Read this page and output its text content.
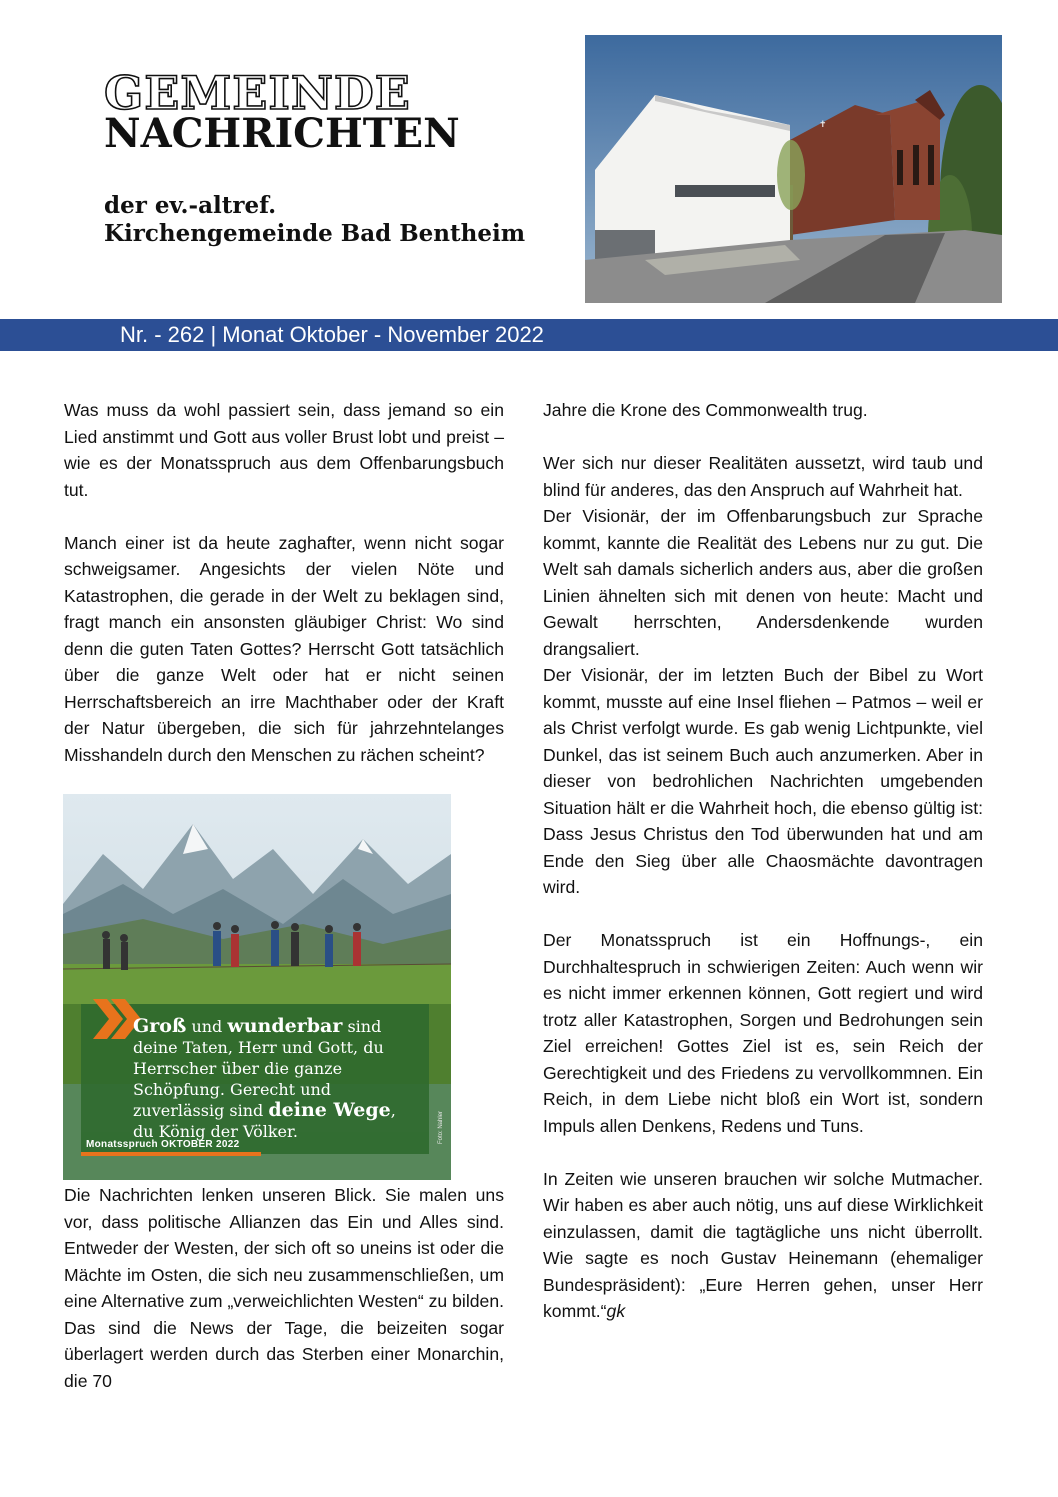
GEMEINDE
NACHRICHTEN
der ev.-altref.
Kirchengemeinde Bad Bentheim
✝
Nr. - 262 | Monat Oktober - November 2022

Was muss da wohl passiert sein, dass jemand so ein Lied anstimmt und Gott aus voller Brust lobt und preist – wie es der Monatsspruch aus dem Offenbarungsbuch tut.

Manch einer ist da heute zaghafter, wenn nicht sogar schweigsamer. Angesichts der vielen Nöte und Katastrophen, die gerade in der Welt zu beklagen sind, fragt manch ein ansonsten gläubiger Christ: Wo sind denn die guten Taten Gottes? Herrscht Gott tatsächlich über die ganze Welt oder hat er nicht seinen Herrschaftsbereich an irre Machthaber oder der Kraft der Natur übergeben, die sich für jahrzehntelanges Misshandeln durch den Menschen zu rächen scheint?

Groß und wunderbar sind deine Taten, Herr und Gott, du Herrscher über die ganze Schöpfung. Gerecht und zuverlässig sind deine Wege, du König der Völker.	OFFENBARUNG 15,3
Monatsspruch OKTOBER 2022
Foto: Nahler

Die Nachrichten lenken unseren Blick. Sie malen uns vor, dass politische Allianzen das Ein und Alles sind. Entweder der Westen, der sich oft so uneins ist oder die Mächte im Osten, die sich neu zusammenschließen, um eine Alternative zum „verweichlichten Westen“ zu bilden. Das sind die News der Tage, die beizeiten sogar überlagert werden durch das Sterben einer Monarchin, die 70

Jahre die Krone des Commonwealth trug.

Wer sich nur dieser Realitäten aussetzt, wird taub und blind für anderes, das den Anspruch auf Wahrheit hat.

Der Visionär, der im Offenbarungsbuch zur Sprache kommt, kannte die Realität des Lebens nur zu gut. Die Welt sah damals sicherlich anders aus, aber die großen Linien ähnelten sich mit denen von heute: Macht und Gewalt herrschten, Andersdenkende wurden drangsaliert.

Der Visionär, der im letzten Buch der Bibel zu Wort kommt, musste auf eine Insel fliehen – Patmos – weil er als Christ verfolgt wurde. Es gab wenig Lichtpunkte, viel Dunkel, das ist seinem Buch auch anzumerken. Aber in dieser von bedrohlichen Nachrichten umgebenden Situation hält er die Wahrheit hoch, die ebenso gültig ist: Dass Jesus Christus den Tod überwunden hat und am Ende den Sieg über alle Chaosmächte davontragen wird.

Der Monatsspruch ist ein Hoffnungs-, ein Durchhaltespruch in schwierigen Zeiten: Auch wenn wir es nicht immer erkennen können, Gott regiert und wird trotz aller Katastrophen, Sorgen und Bedrohungen sein Ziel erreichen! Gottes Ziel ist es, sein Reich der Gerechtigkeit und des Friedens zu vervollkommnen. Ein Reich, in dem Liebe nicht bloß ein Wort ist, sondern Impuls allen Denkens, Redens und Tuns.

In Zeiten wie unseren brauchen wir solche Mutmacher. Wir haben es aber auch nötig, uns auf diese Wirklichkeit einzulassen, damit die tagtägliche uns nicht überrollt. Wie sagte es noch Gustav Heinemann (ehemaliger Bundespräsident): „Eure Herren gehen, unser Herr kommt.“gk
